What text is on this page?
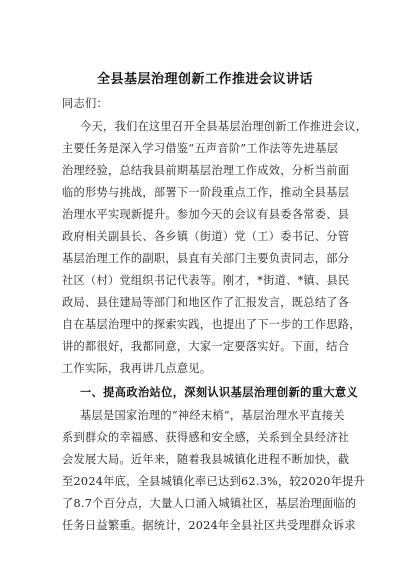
全县基层治理创新工作推进会议讲话
同志们：
今天，我们在这里召开全县基层治理创新工作推进会议，
主要任务是深入学习借鉴“五声音阶”工作法等先进基层
治理经验，总结我县前期基层治理工作成效，分析当前面
临的形势与挑战，部署下一阶段重点工作，推动全县基层
治理水平实现新提升。参加今天的会议有县委各常委、县
政府相关副县长、各乡镇（街道）党（工）委书记、分管
基层治理工作的副职，县直有关部门主要负责同志，部分
社区（村）党组织书记代表等。刚才，*街道、*镇、县民
政局、县住建局等部门和地区作了汇报发言，既总结了各
自在基层治理中的探索实践，也提出了下一步的工作思路，
讲的都很好，我都同意，大家一定要落实好。下面，结合
工作实际，我再讲几点意见。
一、提高政治站位，深刻认识基层治理创新的重大意义
基层是国家治理的“神经末梢”，基层治理水平直接关
系到群众的幸福感、获得感和安全感，关系到全县经济社
会发展大局。近年来，随着我县城镇化进程不断加快，截
至2024年底，全县城镇化率已达到62.3%，较2020年提升
了8.7个百分点，大量人口涌入城镇社区，基层治理面临的
任务日益繁重。据统计，2024年全县社区共受理群众诉求
